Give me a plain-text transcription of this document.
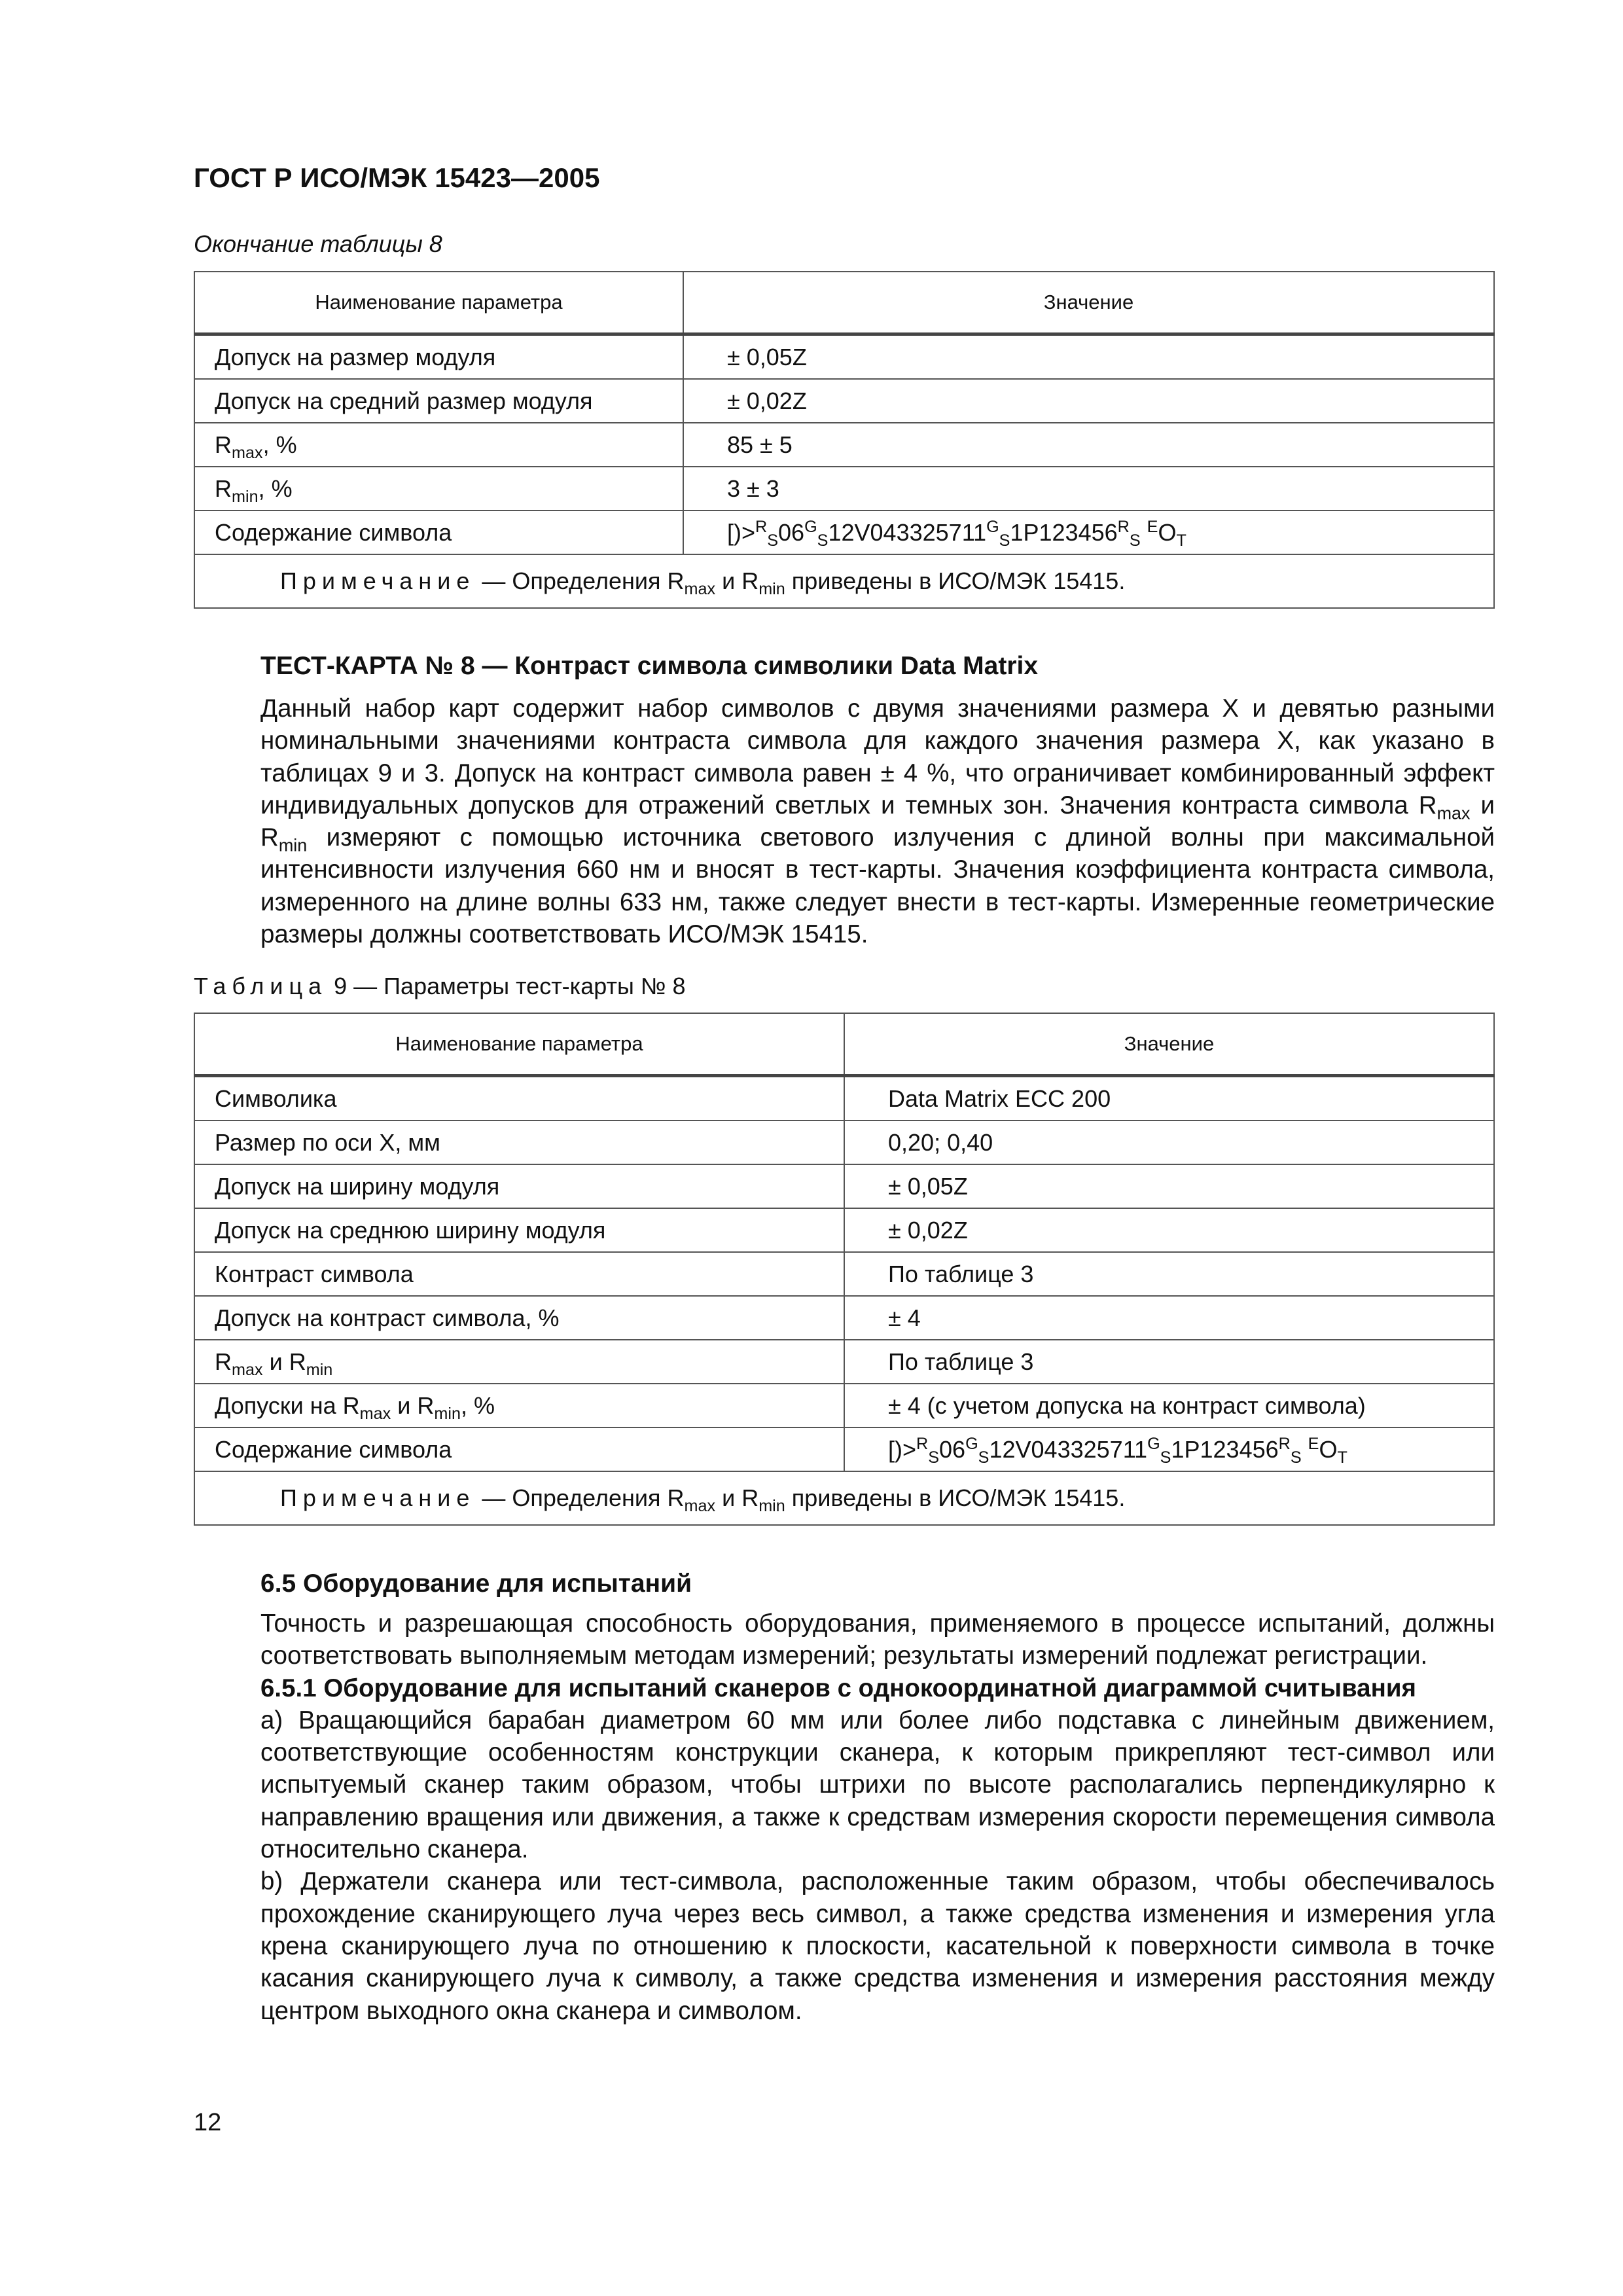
ГОСТ Р ИСО/МЭК 15423—2005
Окончание таблицы 8
Наименование параметра	Значение
Допуск на размер модуля	± 0,05Z
Допуск на средний размер модуля	± 0,02Z
$R_{max}$, %	85 ± 5
$R_{min}$, %	3 ± 3
Содержание символа	$[)>^R_S06^G_S12V043325711^G_S1P123456^R_S$ $^EO_T$
Примечание — Определения $R_{max}$ и $R_{min}$ приведены в ИСО/МЭК 15415.	
ТЕСТ-КАРТА № 8 — Контраст символа символики Data Matrix

Данный набор карт содержит набор символов с двумя значениями размера X и девятью разными номинальными значениями контраста символа для каждого значения размера X, как указано в таблицах 9 и 3. Допуск на контраст символа равен ± 4 %, что ограничивает комбинированный эффект индивидуальных допусков для отражений светлых и темных зон. Значения контраста символа $R_{max}$ и $R_{min}$ измеряют с помощью источника светового излучения с длиной волны при максимальной интенсивности излучения 660 нм и вносят в тест-карты. Значения коэффициента контраста символа, измеренного на длине волны 633 нм, также следует внести в тест-карты. Измеренные геометрические размеры должны соответствовать ИСО/МЭК 15415.

Таблица 9 — Параметры тест-карты № 8
Наименование параметра	Значение
Символика	Data Matrix ECC 200
Размер по оси X, мм	0,20; 0,40
Допуск на ширину модуля	± 0,05Z
Допуск на среднюю ширину модуля	± 0,02Z
Контраст символа	По таблице 3
Допуск на контраст символа, %	± 4
$R_{max}$ и $R_{min}$	По таблице 3
Допуски на $R_{max}$ и $R_{min}$, %	± 4 (с учетом допуска на контраст символа)
Содержание символа	$[)>^R_S06^G_S12V043325711^G_S1P123456^R_S$ $^EO_T$
Примечание — Определения $R_{max}$ и $R_{min}$ приведены в ИСО/МЭК 15415.	
6.5 Оборудование для испытаний

Точность и разрешающая способность оборудования, применяемого в процессе испытаний, должны соответствовать выполняемым методам измерений; результаты измерений подлежат регистрации.

6.5.1 Оборудование для испытаний сканеров с однокоординатной диаграммой считывания

a) Вращающийся барабан диаметром 60 мм или более либо подставка с линейным движением, соответствующие особенностям конструкции сканера, к которым прикрепляют тест-символ или испытуемый сканер таким образом, чтобы штрихи по высоте располагались перпендикулярно к направлению вращения или движения, а также к средствам измерения скорости перемещения символа относительно сканера.

b) Держатели сканера или тест-символа, расположенные таким образом, чтобы обеспечивалось прохождение сканирующего луча через весь символ, а также средства изменения и измерения угла крена сканирующего луча по отношению к плоскости, касательной к поверхности символа в точке касания сканирующего луча к символу, а также средства изменения и измерения расстояния между центром выходного окна сканера и символом.

12
